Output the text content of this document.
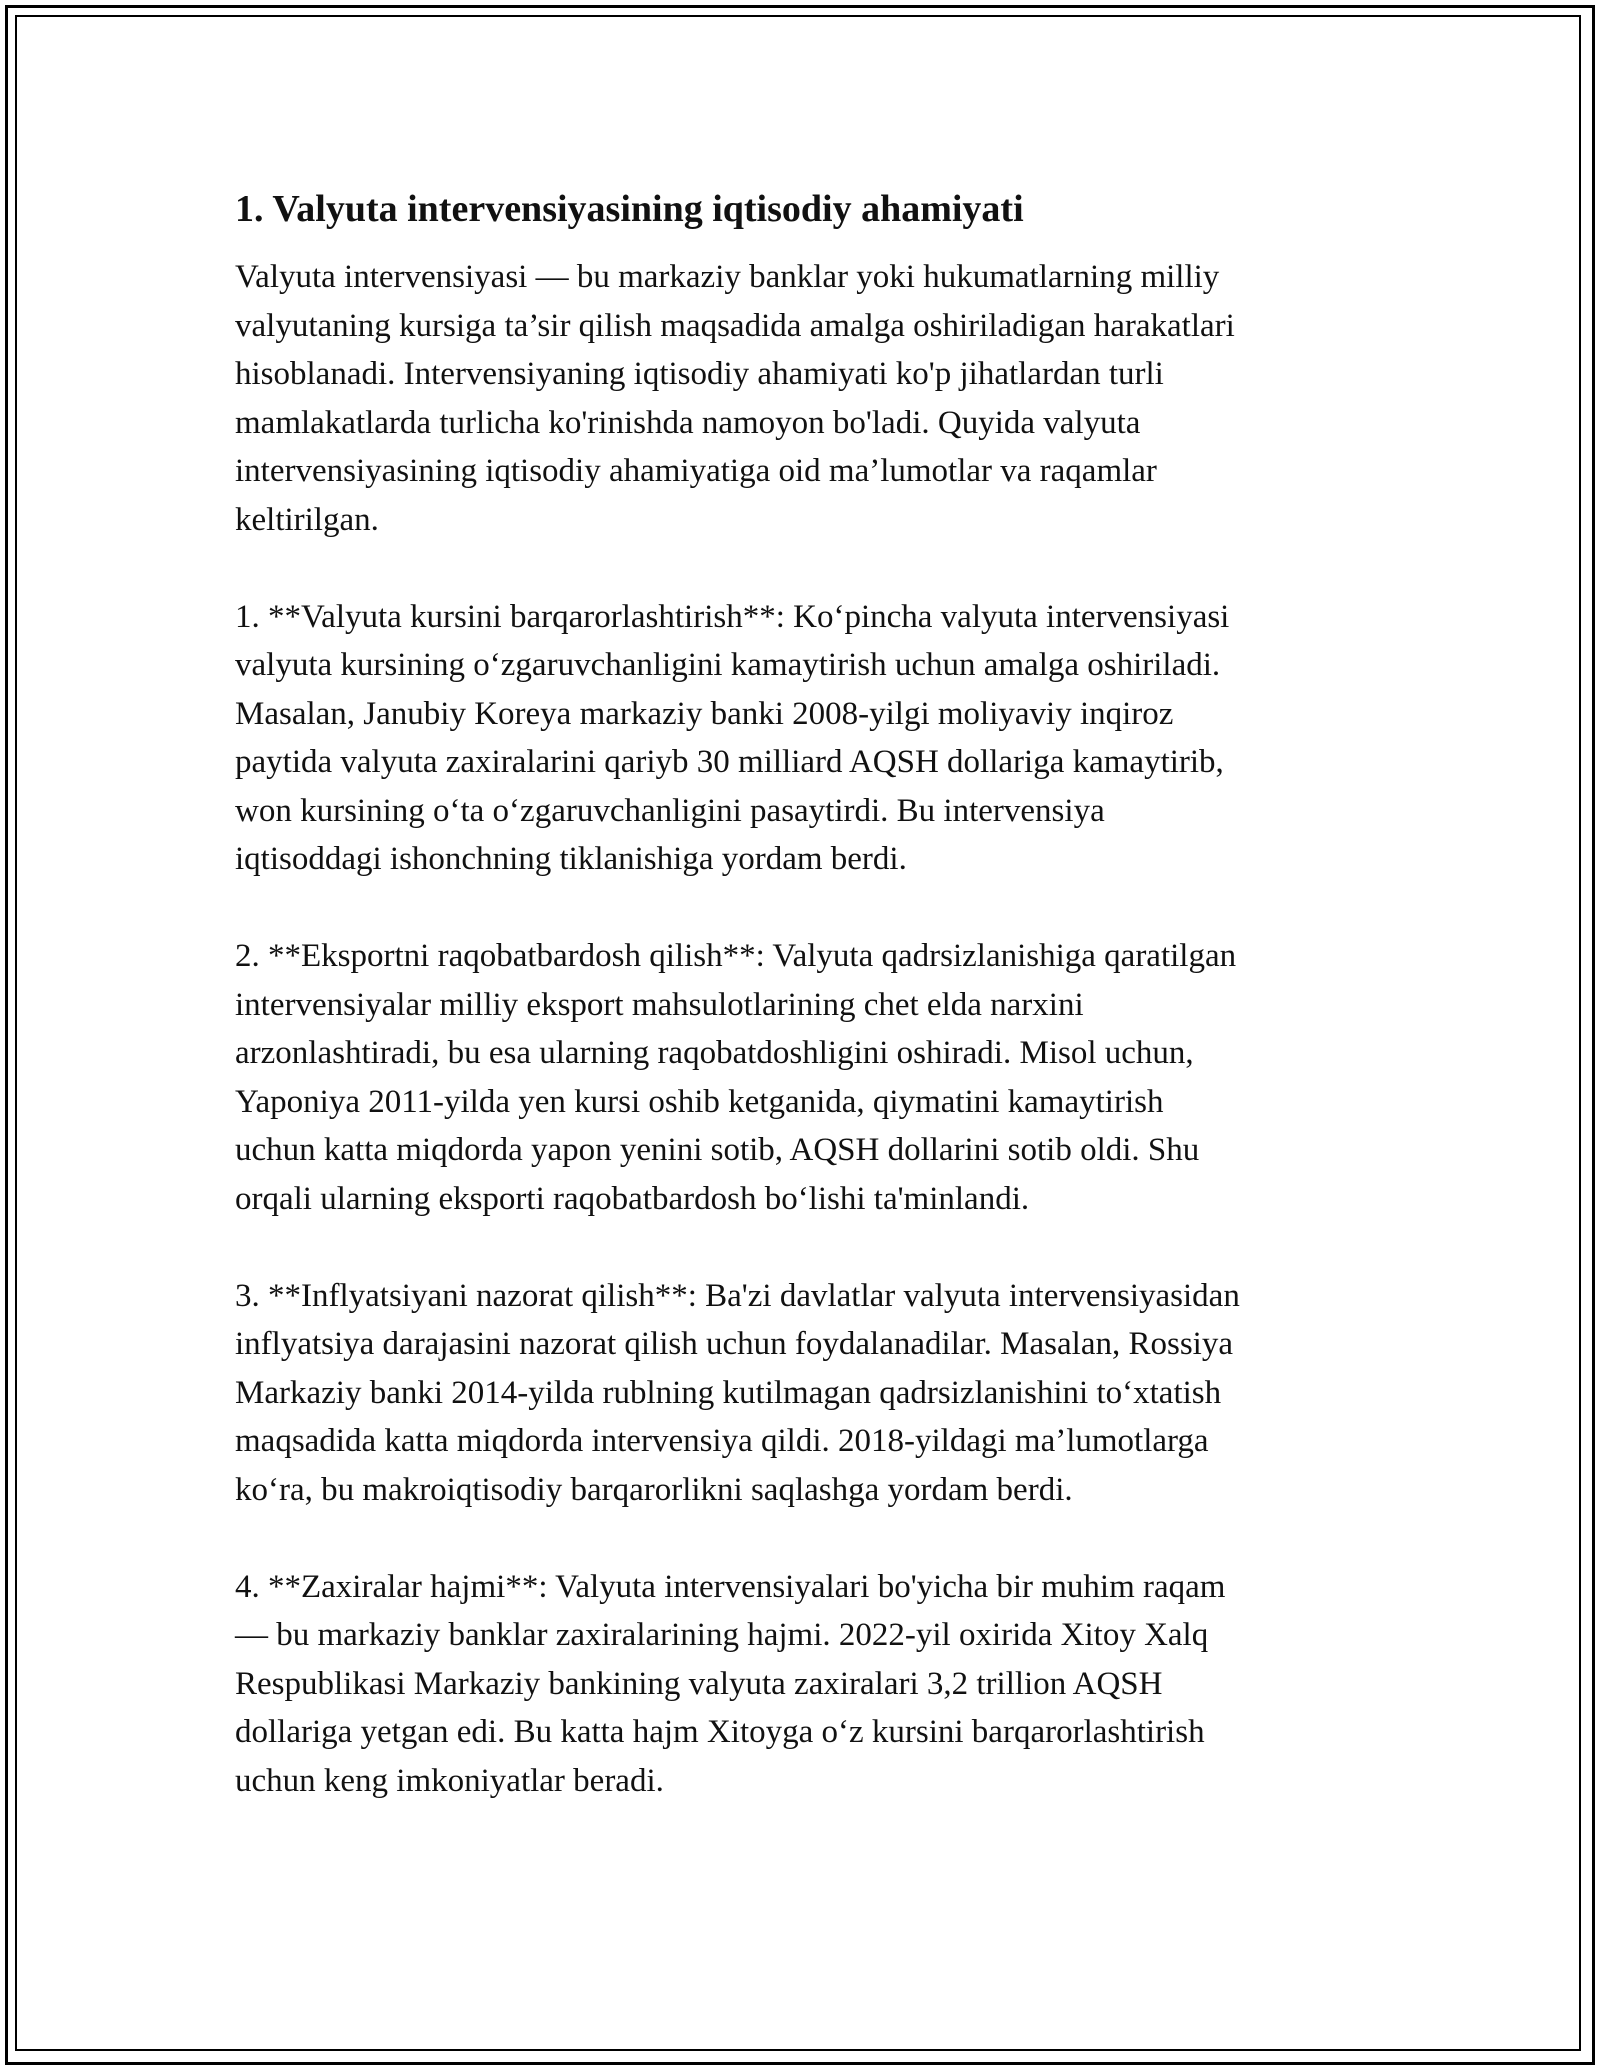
1. Valyuta intervensiyasining iqtisodiy ahamiyati

Valyuta intervensiyasi — bu markaziy banklar yoki hukumatlarning milliy
valyutaning kursiga ta’sir qilish maqsadida amalga oshiriladigan harakatlari
hisoblanadi. Intervensiyaning iqtisodiy ahamiyati ko'p jihatlardan turli
mamlakatlarda turlicha ko'rinishda namoyon bo'ladi. Quyida valyuta
intervensiyasining iqtisodiy ahamiyatiga oid ma’lumotlar va raqamlar
keltirilgan.

1. **Valyuta kursini barqarorlashtirish**: Ko‘pincha valyuta intervensiyasi
valyuta kursining o‘zgaruvchanligini kamaytirish uchun amalga oshiriladi.
Masalan, Janubiy Koreya markaziy banki 2008-yilgi moliyaviy inqiroz
paytida valyuta zaxiralarini qariyb 30 milliard AQSH dollariga kamaytirib,
won kursining o‘ta o‘zgaruvchanligini pasaytirdi. Bu intervensiya
iqtisoddagi ishonchning tiklanishiga yordam berdi.

2. **Eksportni raqobatbardosh qilish**: Valyuta qadrsizlanishiga qaratilgan
intervensiyalar milliy eksport mahsulotlarining chet elda narxini
arzonlashtiradi, bu esa ularning raqobatdoshligini oshiradi. Misol uchun,
Yaponiya 2011-yilda yen kursi oshib ketganida, qiymatini kamaytirish
uchun katta miqdorda yapon yenini sotib, AQSH dollarini sotib oldi. Shu
orqali ularning eksporti raqobatbardosh bo‘lishi ta'minlandi.

3. **Inflyatsiyani nazorat qilish**: Ba'zi davlatlar valyuta intervensiyasidan
inflyatsiya darajasini nazorat qilish uchun foydalanadilar. Masalan, Rossiya
Markaziy banki 2014-yilda rublning kutilmagan qadrsizlanishini to‘xtatish
maqsadida katta miqdorda intervensiya qildi. 2018-yildagi ma’lumotlarga
ko‘ra, bu makroiqtisodiy barqarorlikni saqlashga yordam berdi.

4. **Zaxiralar hajmi**: Valyuta intervensiyalari bo'yicha bir muhim raqam
— bu markaziy banklar zaxiralarining hajmi. 2022-yil oxirida Xitoy Xalq
Respublikasi Markaziy bankining valyuta zaxiralari 3,2 trillion AQSH
dollariga yetgan edi. Bu katta hajm Xitoyga o‘z kursini barqarorlashtirish
uchun keng imkoniyatlar beradi.
